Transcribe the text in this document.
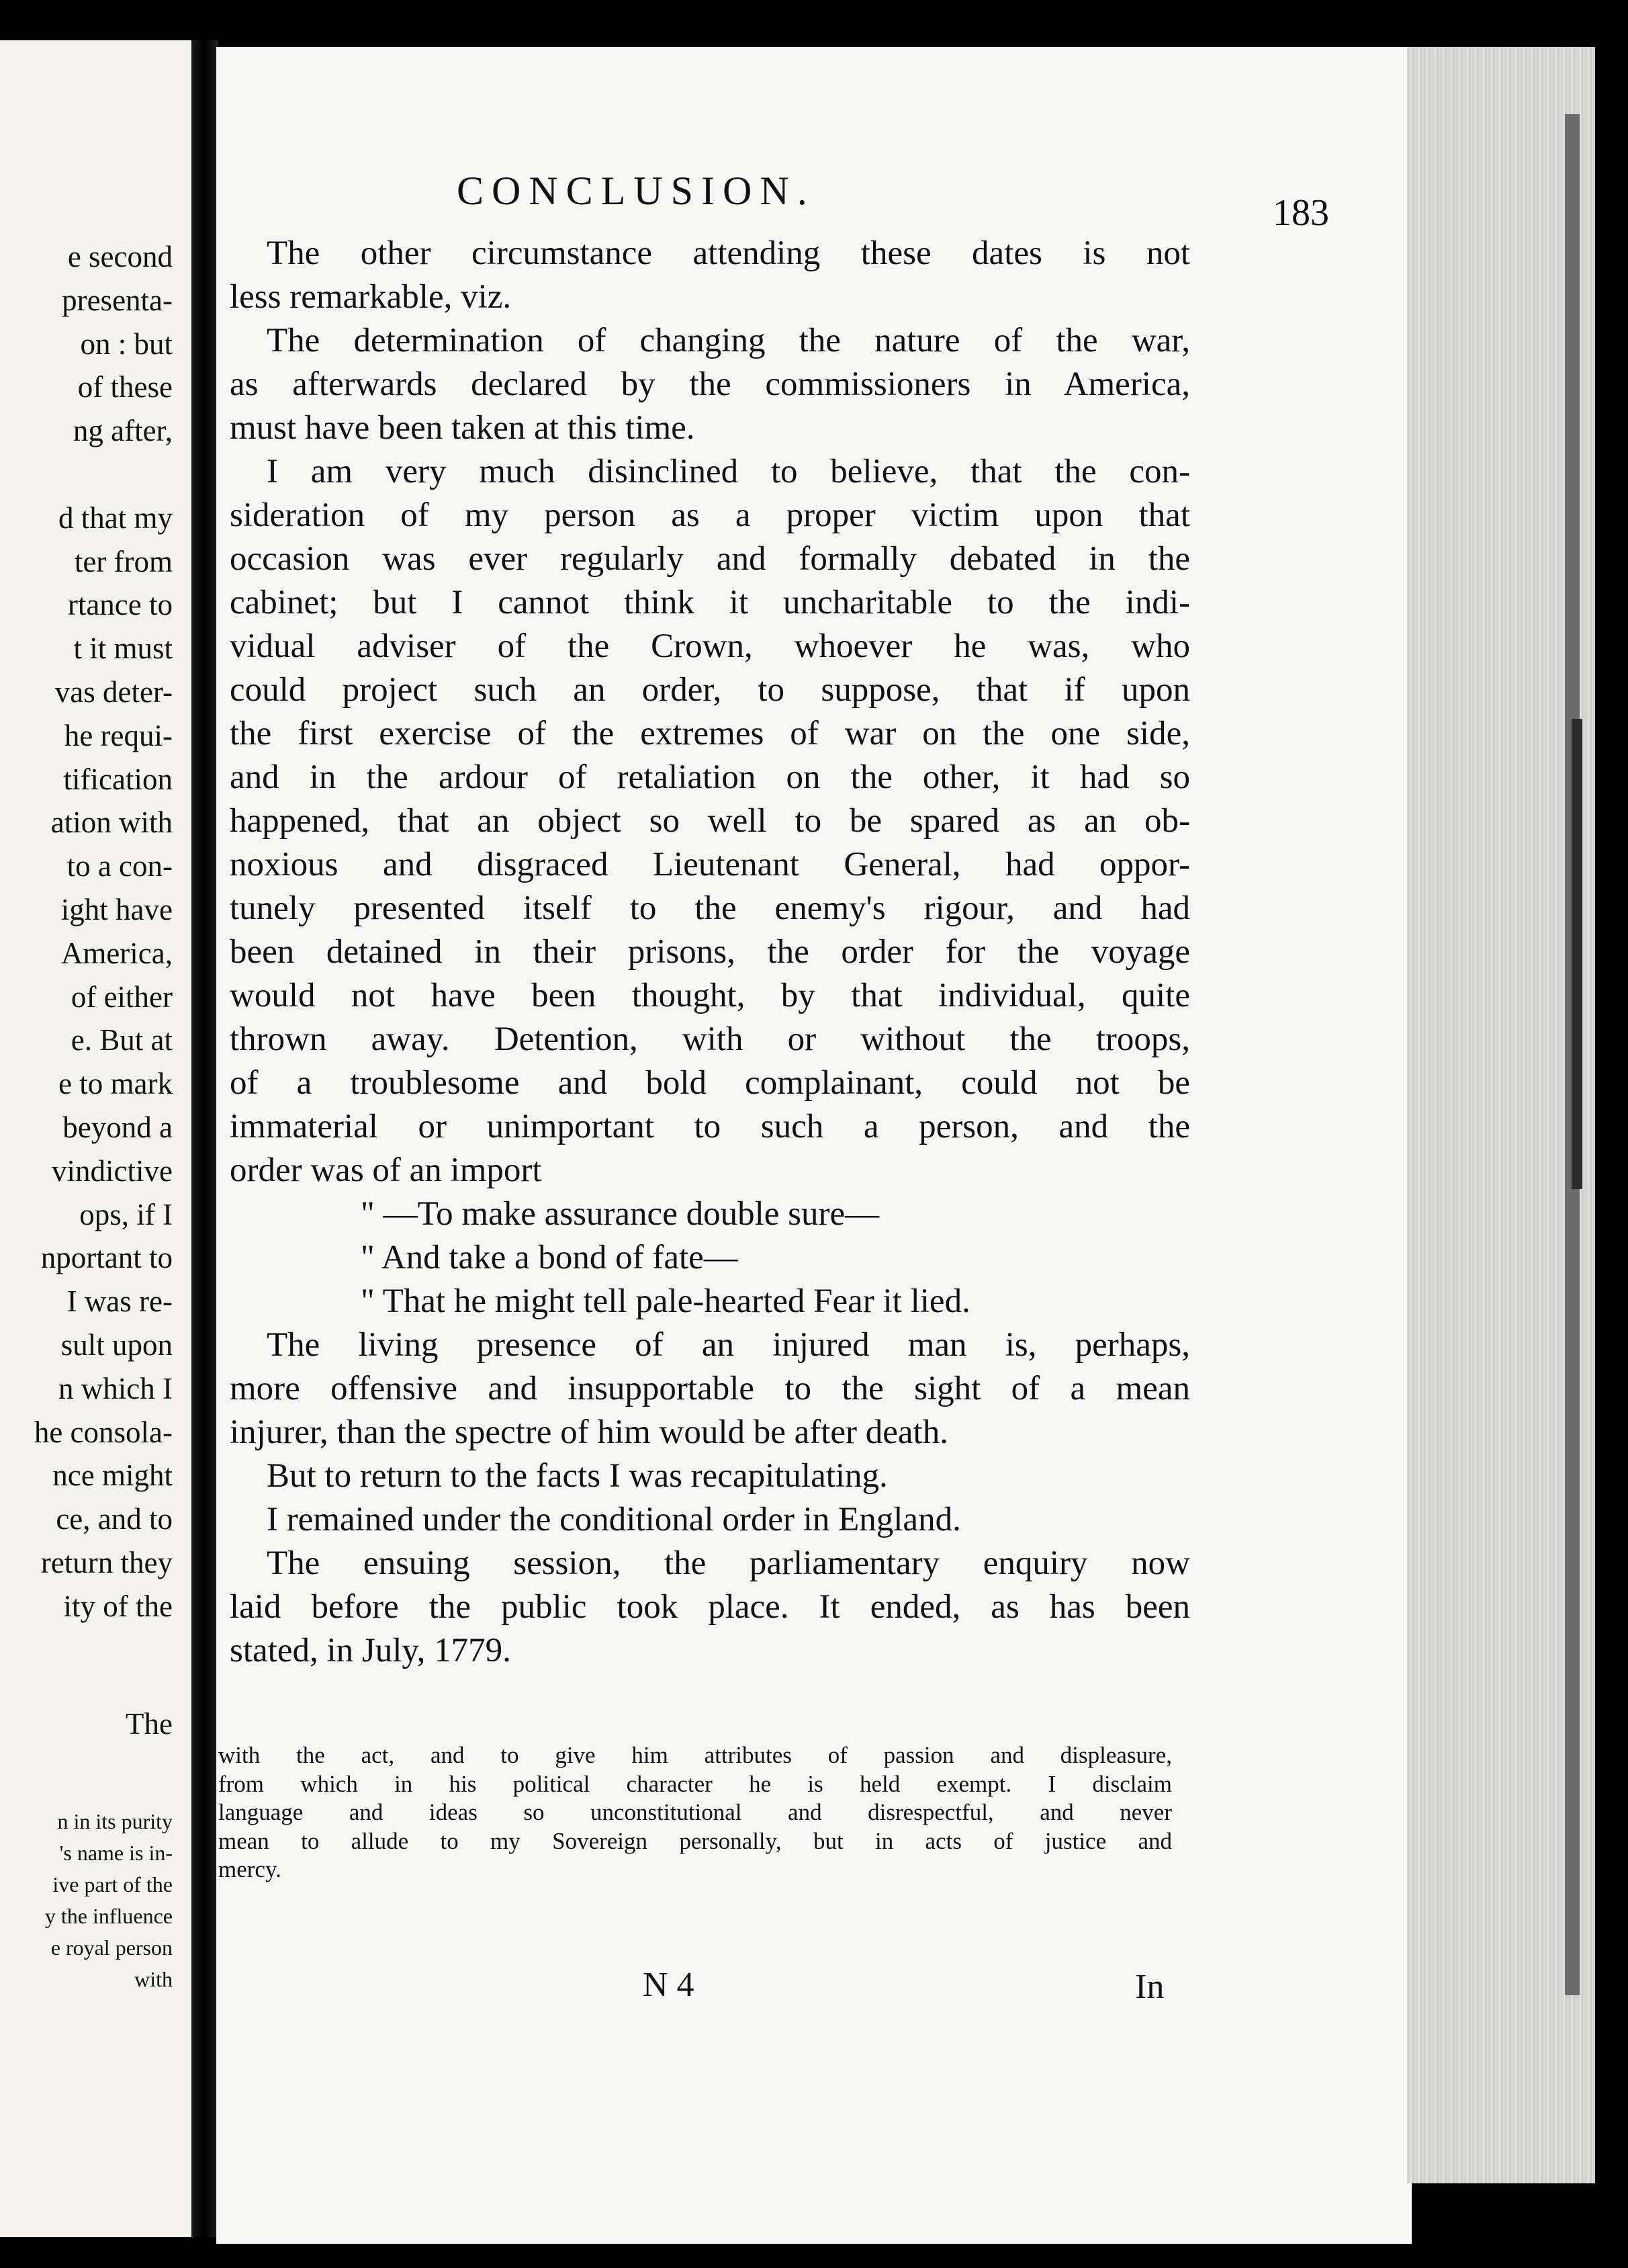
e second
presenta-
on : but
of these
ng after,
d that my
ter from
rtance to
t it must
vas deter-
he requi-
tification
ation with
to a con-
ight have
America,
of either
e. But at
e to mark
beyond a
vindictive
ops, if I
nportant to
I was re-
sult upon
n which I
he consola-
nce might
ce, and to
return they
ity of the
The
n in its purity
's name is in-
ive part of the
y the influence
e royal person
with
CONCLUSION.	183
The other circumstance attending these dates is not
less remarkable, viz.
The determination of changing the nature of the war,
as afterwards declared by the commissioners in America,
must have been taken at this time.
I am very much disinclined to believe, that the con-
sideration of my person as a proper victim upon that
occasion was ever regularly and formally debated in the
cabinet; but I cannot think it uncharitable to the indi-
vidual adviser of the Crown, whoever he was, who
could project such an order, to suppose, that if upon
the first exercise of the extremes of war on the one side,
and in the ardour of retaliation on the other, it had so
happened, that an object so well to be spared as an ob-
noxious and disgraced Lieutenant General, had oppor-
tunely presented itself to the enemy's rigour, and had
been detained in their prisons, the order for the voyage
would not have been thought, by that individual, quite
thrown away. Detention, with or without the troops,
of a troublesome and bold complainant, could not be
immaterial or unimportant to such a person, and the
order was of an import
" —To make assurance double sure—
" And take a bond of fate—
" That he might tell pale-hearted Fear it lied.
The living presence of an injured man is, perhaps,
more offensive and insupportable to the sight of a mean
injurer, than the spectre of him would be after death.
But to return to the facts I was recapitulating.
I remained under the conditional order in England.
The ensuing session, the parliamentary enquiry now
laid before the public took place. It ended, as has been
stated, in July, 1779.
with the act, and to give him attributes of passion and displeasure,
from which in his political character he is held exempt. I disclaim
language and ideas so unconstitutional and disrespectful, and never
mean to allude to my Sovereign personally, but in acts of justice and
mercy.
N 4	In
